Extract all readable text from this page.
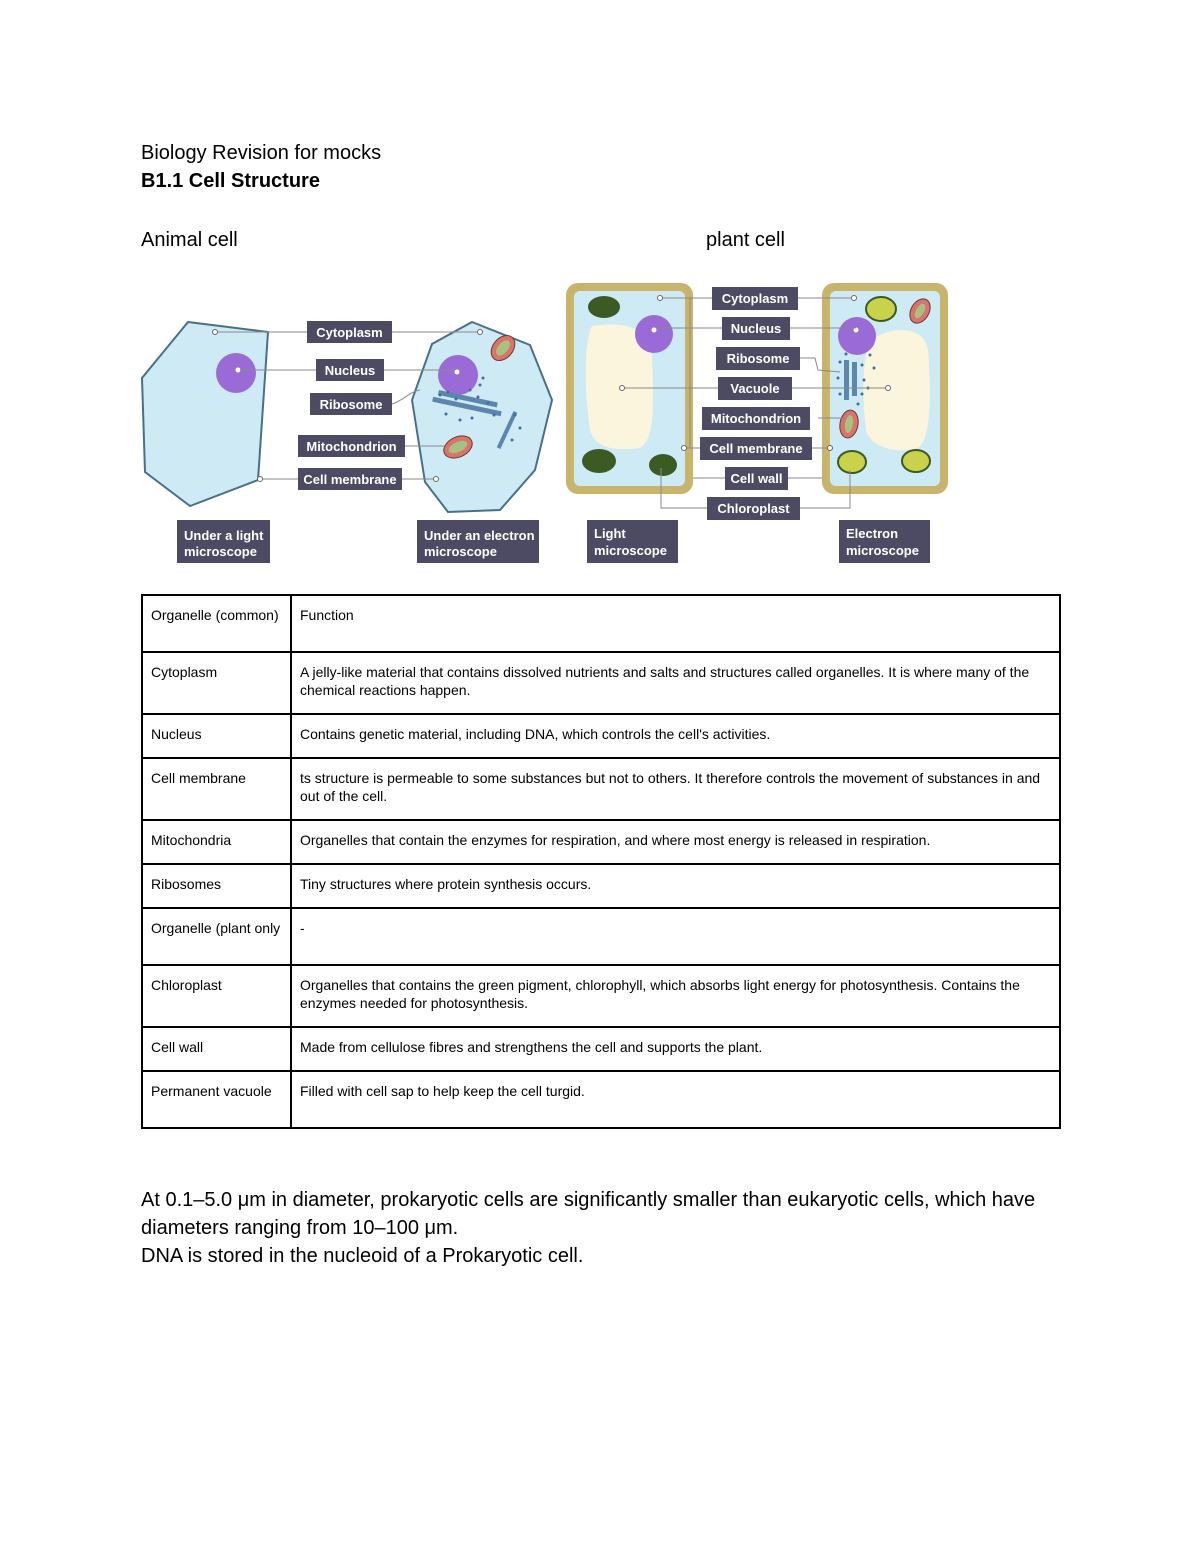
Biology Revision for mocks
B1.1 Cell Structure
Animal cell	plant cell
Cytoplasm
Nucleus
Ribosome
Mitochondrion
Cell membrane
Under a light
microscope
Under an electron
microscope
Cytoplasm
Nucleus
Ribosome
Vacuole
Mitochondrion
Cell membrane
Cell wall
Chloroplast
Light
microscope
Electron
microscope
Organelle (common)	Function
Cytoplasm	A jelly-like material that contains dissolved nutrients and salts and structures called organelles. It is where many of the chemical reactions happen.
Nucleus	Contains genetic material, including DNA, which controls the cell's activities.
Cell membrane	ts structure is permeable to some substances but not to others. It therefore controls the movement of substances in and out of the cell.
Mitochondria	Organelles that contain the enzymes for respiration, and where most energy is released in respiration.
Ribosomes	Tiny structures where protein synthesis occurs.
Organelle (plant only	-
Chloroplast	Organelles that contains the green pigment, chlorophyll, which absorbs light energy for photosynthesis. Contains the enzymes needed for photosynthesis.
Cell wall	Made from cellulose fibres and strengthens the cell and supports the plant.
Permanent vacuole	Filled with cell sap to help keep the cell turgid.

At 0.1–5.0 μm in diameter, prokaryotic cells are significantly smaller than eukaryotic cells, which have diameters ranging from 10–100 μm.

DNA is stored in the nucleoid of a Prokaryotic cell.
